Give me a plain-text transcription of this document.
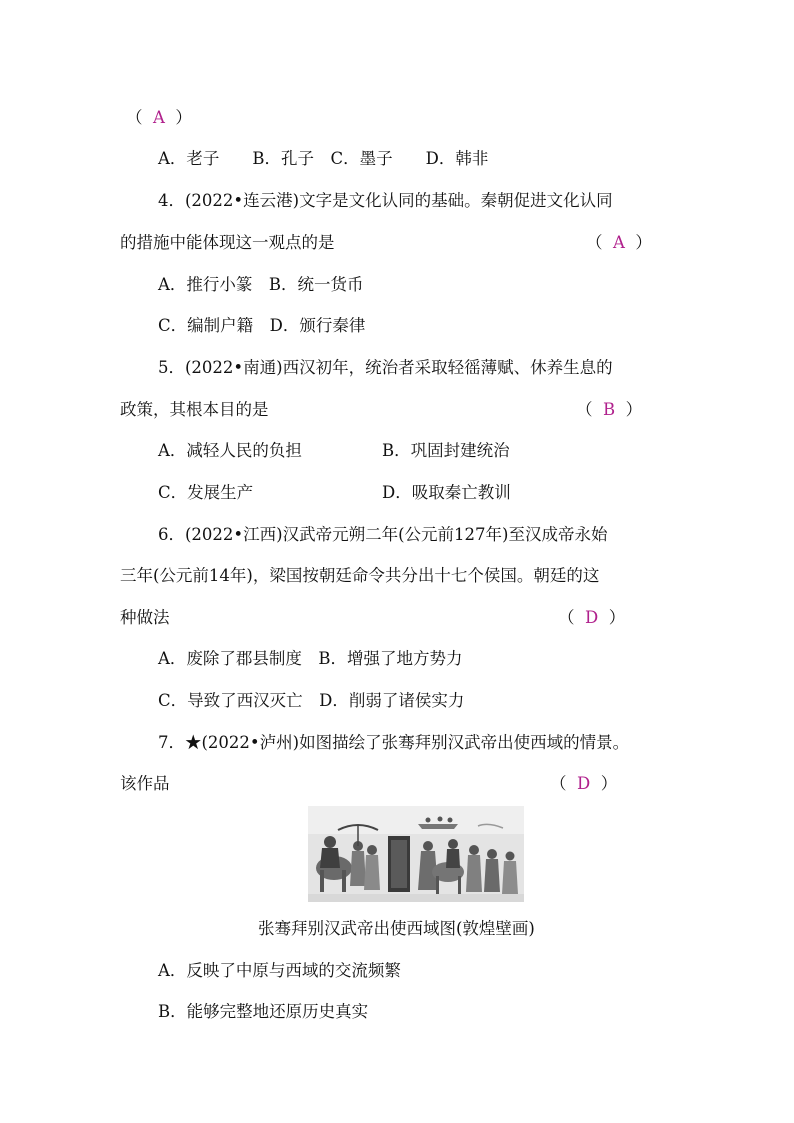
（ A ）
A．老子　　B．孔子　C．墨子　　D．韩非
4．(2022•连云港)文字是文化认同的基础。秦朝促进文化认同
的措施中能体现这一观点的是	（ A ）
A．推行小篆　B．统一货币
C．编制户籍　D．颁行秦律
5．(2022•南通)西汉初年，统治者采取轻徭薄赋、休养生息的
政策，其根本目的是	（ B ）
A．减轻人民的负担	B．巩固封建统治
C．发展生产	D．吸取秦亡教训
6．(2022•江西)汉武帝元朔二年(公元前127年)至汉成帝永始
三年(公元前14年)，梁国按朝廷命令共分出十七个侯国。朝廷的这
种做法	（ D ）
A．废除了郡县制度　B．增强了地方势力
C．导致了西汉灭亡　D．削弱了诸侯实力
7．★(2022•泸州)如图描绘了张骞拜别汉武帝出使西域的情景。
该作品	（ D ）
张骞拜别汉武帝出使西域图(敦煌壁画)
A．反映了中原与西域的交流频繁
B．能够完整地还原历史真实
